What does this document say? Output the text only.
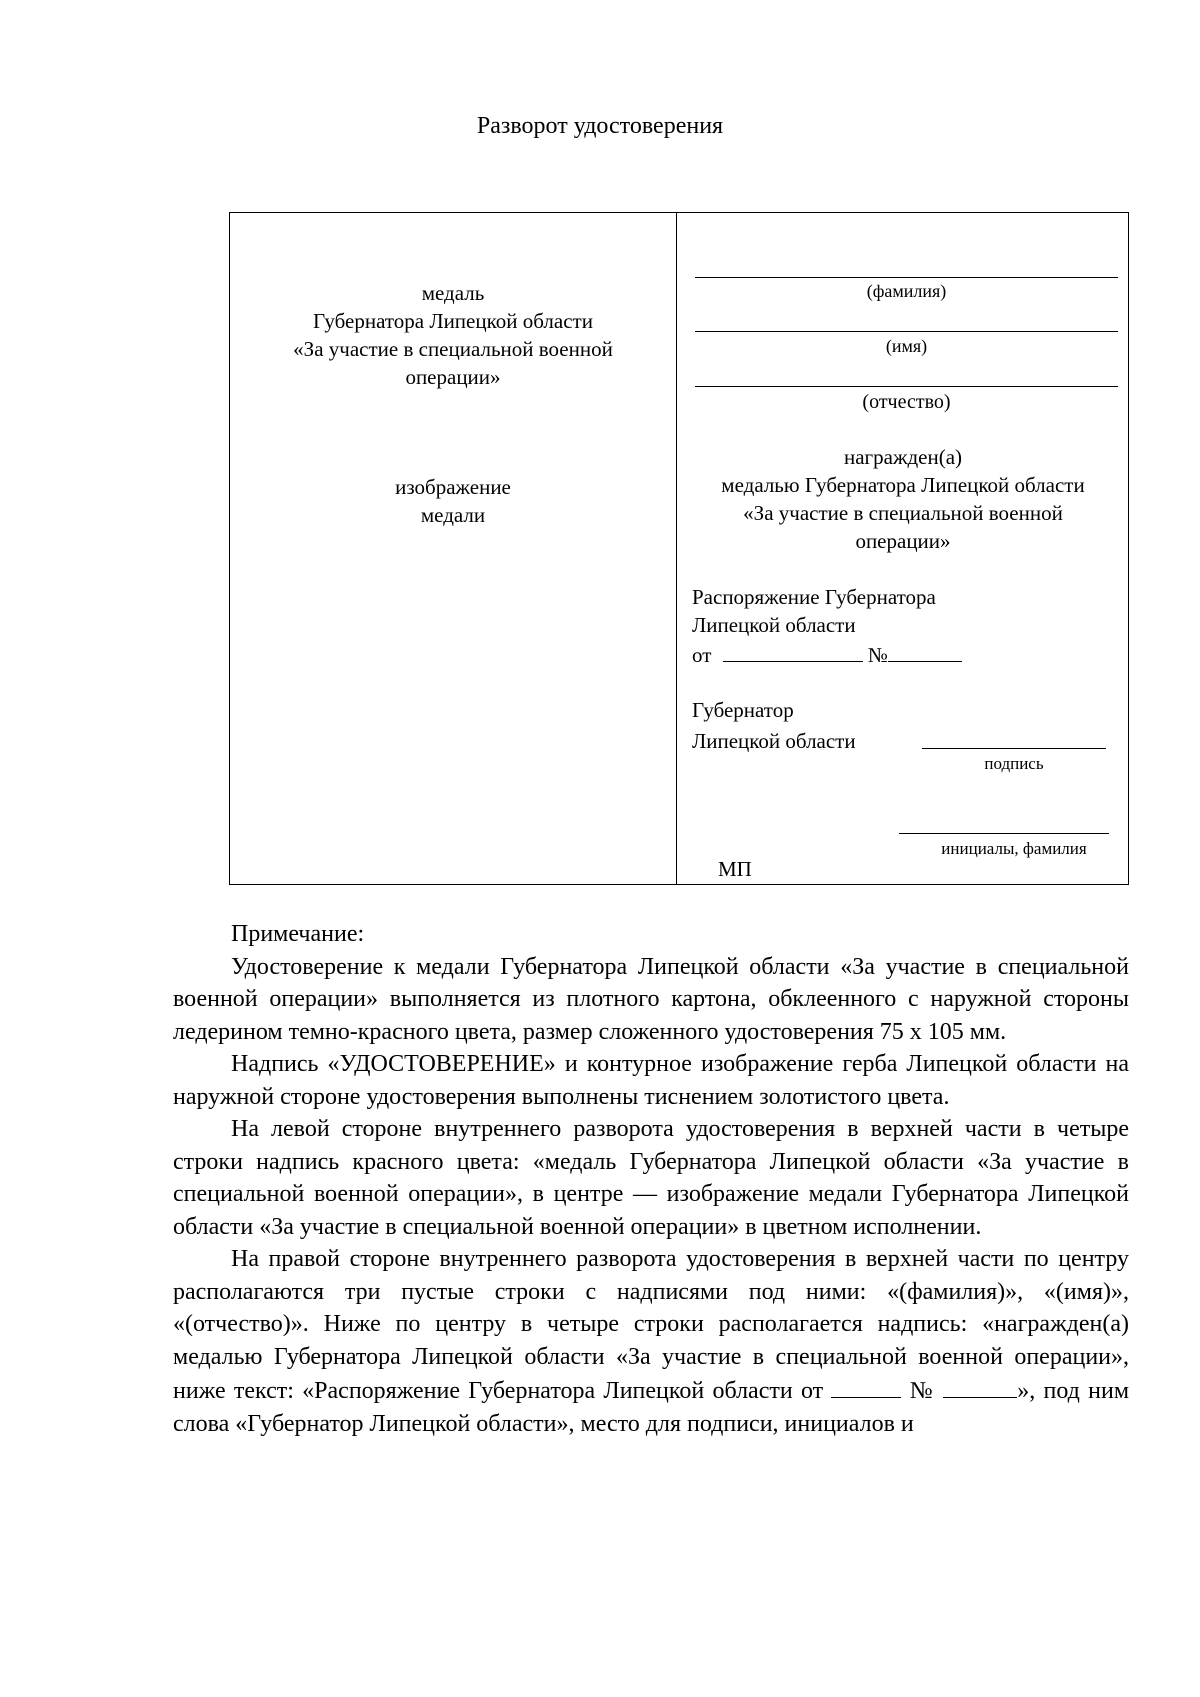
Разворот удостоверения
медаль
Губернатора Липецкой области
«За участие в специальной военной
операции»
изображение
медали
(фамилия)
(имя)
(отчество)
награжден(а)
медалью Губернатора Липецкой области
«За участие в специальной военной
операции»
Распоряжение Губернатора
Липецкой области
от	№
Губернатор
Липецкой области
подпись
инициалы, фамилия
МП

Примечание:

Удостоверение к медали Губернатора Липецкой области «За участие в специальной военной операции» выполняется из плотного картона, обклеенного с наружной стороны ледерином темно-красного цвета, размер сложенного удостоверения 75 x 105 мм.

Надпись «УДОСТОВЕРЕНИЕ» и контурное изображение герба Липецкой области на наружной стороне удостоверения выполнены тиснением золотистого цвета.

На левой стороне внутреннего разворота удостоверения в верхней части в четыре строки надпись красного цвета: «медаль Губернатора Липецкой области «За участие в специальной военной операции», в центре — изображение медали Губернатора Липецкой области «За участие в специальной военной операции» в цветном исполнении.

На правой стороне внутреннего разворота удостоверения в верхней части по центру располагаются три пустые строки с надписями под ними: «(фамилия)», «(имя)», «(отчество)». Ниже по центру в четыре строки располагается надпись: «награжден(а) медалью Губернатора Липецкой области «За участие в специальной военной операции», ниже текст: «Распоряжение Губернатора Липецкой области от	№	», под ним слова «Губернатор Липецкой области», место для подписи, инициалов и
